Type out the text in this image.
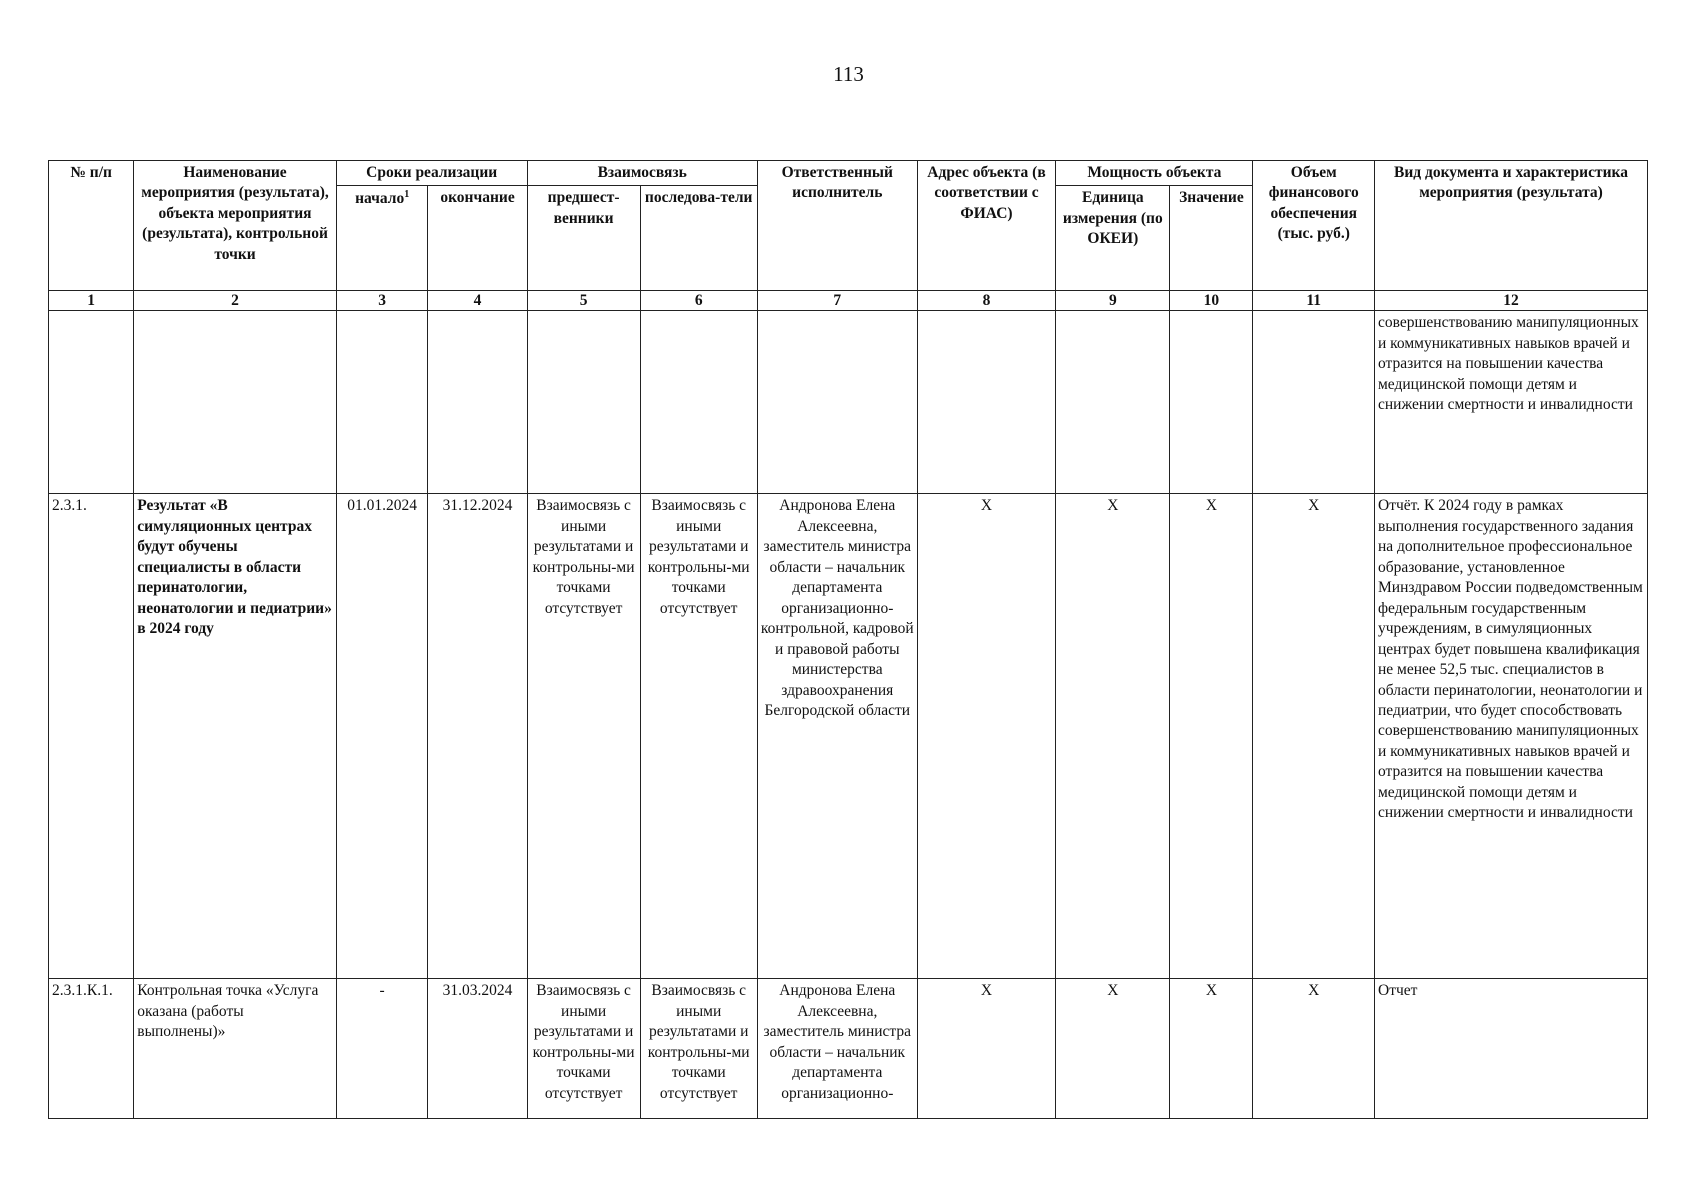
113
№ п/п	Наименование мероприятия (результата), объекта мероприятия (результата), контрольной точки	Сроки реализации		Взаимосвязь		Ответственный исполнитель	Адрес объекта (в соответствии с ФИАС)	Мощность объекта		Объем финансового обеспечения (тыс. руб.)	Вид документа и характеристика мероприятия (результата)
		начало$^1$	окончание	предшест-венники	последова-тели			Единица измерения (по ОКЕИ)	Значение		
1	2	3	4	5	6	7	8	9	10	11	12
											совершенствованию манипуляционных и коммуникативных навыков врачей и отразится на повышении качества медицинской помощи детям и снижении смертности и инвалидности
2.3.1.	Результат «В симуляционных центрах будут обучены специалисты в области перинатологии, неонатологии и педиатрии» в 2024 году	01.01.2024	31.12.2024	Взаимосвязь с иными результатами и контрольны-ми точками отсутствует	Взаимосвязь с иными результатами и контрольны-ми точками отсутствует	Андронова Елена Алексеевна, заместитель министра области – начальник департамента организационно-контрольной, кадровой и правовой работы министерства здравоохранения Белгородской области	Х	Х	Х	Х	Отчёт. К 2024 году в рамках выполнения государственного задания на дополнительное профессиональное образование, установленное Минздравом России подведомственным федеральным государственным учреждениям, в симуляционных центрах будет повышена квалификация не менее 52,5 тыс. специалистов в области перинатологии, неонатологии и педиатрии, что будет способствовать совершенствованию манипуляционных и коммуникативных навыков врачей и отразится на повышении качества медицинской помощи детям и снижении смертности и инвалидности
2.3.1.К.1.	Контрольная точка «Услуга оказана (работы выполнены)»	-	31.03.2024	Взаимосвязь с иными результатами и контрольны-ми точками отсутствует	Взаимосвязь с иными результатами и контрольны-ми точками отсутствует	Андронова Елена Алексеевна, заместитель министра области – начальник департамента организационно-	Х	Х	Х	Х	Отчет
